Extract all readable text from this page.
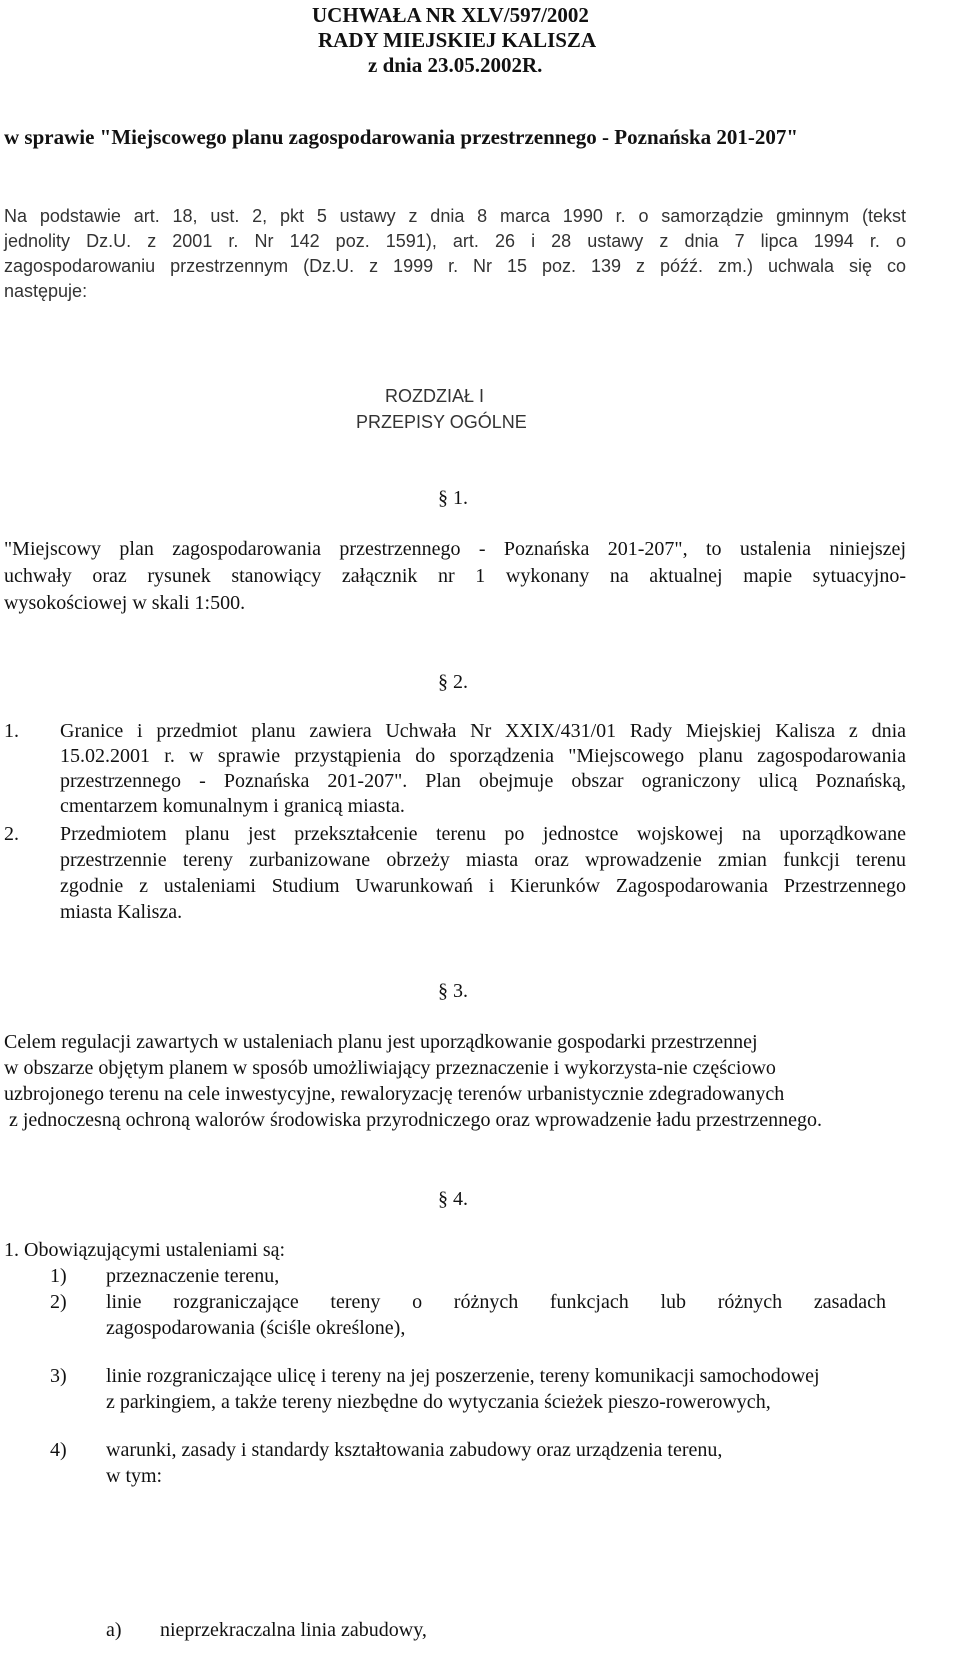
UCHWAŁA NR XLV/597/2002
RADY MIEJSKIEJ KALISZA
z dnia 23.05.2002R.
w sprawie "Miejscowego planu zagospodarowania przestrzennego - Poznańska 201-207"
Na podstawie art. 18, ust. 2, pkt 5 ustawy z dnia 8 marca 1990 r. o samorządzie gminnym (tekst
jednolity Dz.U. z 2001 r. Nr 142 poz. 1591), art. 26 i 28 ustawy z dnia 7 lipca 1994 r. o
zagospodarowaniu przestrzennym (Dz.U. z 1999 r. Nr 15 poz. 139 z późź. zm.) uchwala się co
następuje:
ROZDZIAŁ I
PRZEPISY OGÓLNE
§ 1.
"Miejscowy plan zagospodarowania przestrzennego - Poznańska 201-207", to ustalenia niniejszej
uchwały oraz rysunek stanowiący załącznik nr 1 wykonany na aktualnej mapie sytuacyjno-
wysokościowej w skali 1:500.
§ 2.
1. Granice i przedmiot planu zawiera Uchwała Nr XXIX/431/01 Rady Miejskiej Kalisza z dnia
15.02.2001 r. w sprawie przystąpienia do sporządzenia "Miejscowego planu zagospodarowania
przestrzennego - Poznańska 201-207". Plan obejmuje obszar ograniczony ulicą Poznańską,
cmentarzem komunalnym i granicą miasta.
2. Przedmiotem planu jest przekształcenie terenu po jednostce wojskowej na uporządkowane
przestrzennie tereny zurbanizowane obrzeży miasta oraz wprowadzenie zmian funkcji terenu
zgodnie z ustaleniami Studium Uwarunkowań i Kierunków Zagospodarowania Przestrzennego
miasta Kalisza.
§ 3.
Celem regulacji zawartych w ustaleniach planu jest uporządkowanie gospodarki przestrzennej
w obszarze objętym planem w sposób umożliwiający przeznaczenie i wykorzysta-nie częściowo
uzbrojonego terenu na cele inwestycyjne, rewaloryzację terenów urbanistycznie zdegradowanych
z jednoczesną ochroną walorów środowiska przyrodniczego oraz wprowadzenie ładu przestrzennego.
§ 4.
1. Obowiązującymi ustaleniami są:
1) przeznaczenie terenu,
2) linie rozgraniczające tereny o różnych funkcjach lub różnych zasadach
zagospodarowania (ściśle określone),
3) linie rozgraniczające ulicę i tereny na jej poszerzenie, tereny komunikacji samochodowej
z parkingiem, a także tereny niezbędne do wytyczania ścieżek pieszo-rowerowych,
4) warunki, zasady i standardy kształtowania zabudowy oraz urządzenia terenu,
w tym:
a) nieprzekraczalna linia zabudowy,
